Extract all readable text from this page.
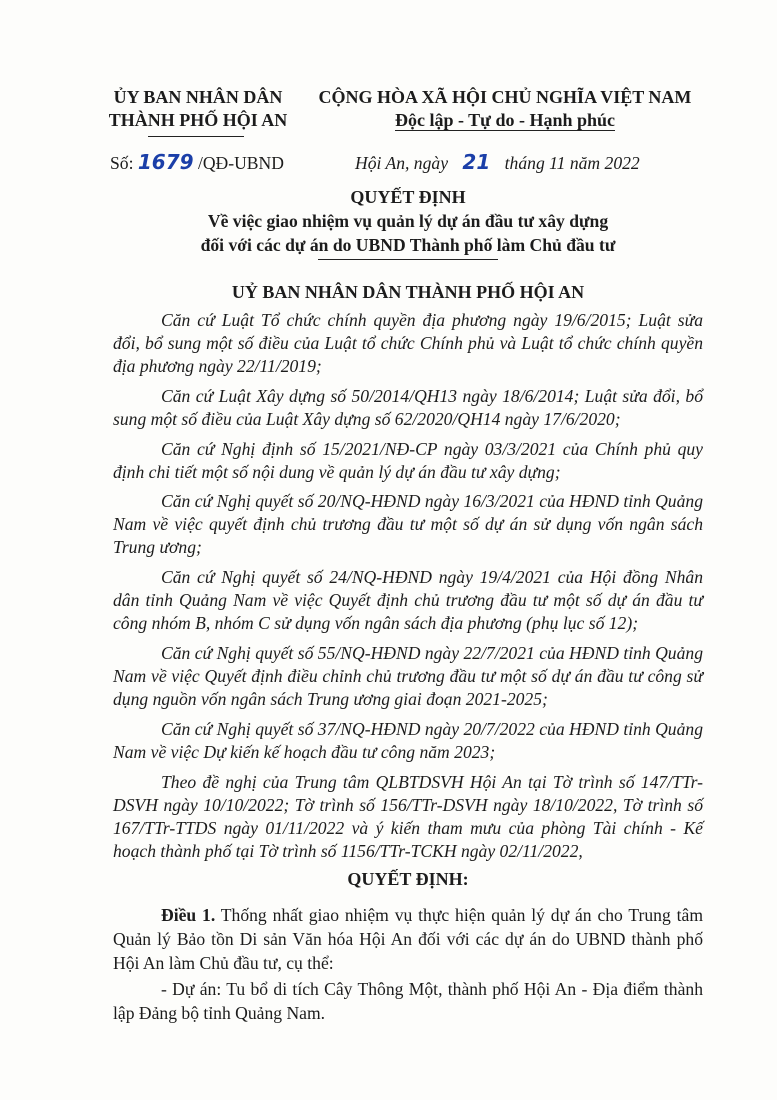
ỦY BAN NHÂN DÂN
THÀNH PHỐ HỘI AN
CỘNG HÒA XÃ HỘI CHỦ NGHĨA VIỆT NAM
Độc lập - Tự do - Hạnh phúc
Số: 1679 /QĐ-UBND	Hội An, ngày 21 tháng 11 năm 2022
QUYẾT ĐỊNH
Về việc giao nhiệm vụ quản lý dự án đầu tư xây dựng
đối với các dự án do UBND Thành phố làm Chủ đầu tư
UỶ BAN NHÂN DÂN THÀNH PHỐ HỘI AN
Căn cứ Luật Tổ chức chính quyền địa phương ngày 19/6/2015; Luật sửa đổi, bổ sung một số điều của Luật tổ chức Chính phủ và Luật tổ chức chính quyền địa phương ngày 22/11/2019;
Căn cứ Luật Xây dựng số 50/2014/QH13 ngày 18/6/2014; Luật sửa đổi, bổ sung một số điều của Luật Xây dựng số 62/2020/QH14 ngày 17/6/2020;
Căn cứ Nghị định số 15/2021/NĐ-CP ngày 03/3/2021 của Chính phủ quy định chi tiết một số nội dung về quản lý dự án đầu tư xây dựng;
Căn cứ Nghị quyết số 20/NQ-HĐND ngày 16/3/2021 của HĐND tỉnh Quảng Nam về việc quyết định chủ trương đầu tư một số dự án sử dụng vốn ngân sách Trung ương;
Căn cứ Nghị quyết số 24/NQ-HĐND ngày 19/4/2021 của Hội đồng Nhân dân tỉnh Quảng Nam về việc Quyết định chủ trương đầu tư một số dự án đầu tư công nhóm B, nhóm C sử dụng vốn ngân sách địa phương (phụ lục số 12);
Căn cứ Nghị quyết số 55/NQ-HĐND ngày 22/7/2021 của HĐND tỉnh Quảng Nam về việc Quyết định điều chỉnh chủ trương đầu tư một số dự án đầu tư công sử dụng nguồn vốn ngân sách Trung ương giai đoạn 2021-2025;
Căn cứ Nghị quyết số 37/NQ-HĐND ngày 20/7/2022 của HĐND tỉnh Quảng Nam về việc Dự kiến kế hoạch đầu tư công năm 2023;
Theo đề nghị của Trung tâm QLBTDSVH Hội An tại Tờ trình số 147/TTr-DSVH ngày 10/10/2022; Tờ trình số 156/TTr-DSVH ngày 18/10/2022, Tờ trình số 167/TTr-TTDS ngày 01/11/2022 và ý kiến tham mưu của phòng Tài chính - Kế hoạch thành phố tại Tờ trình số 1156/TTr-TCKH ngày 02/11/2022,
QUYẾT ĐỊNH:
Điều 1. Thống nhất giao nhiệm vụ thực hiện quản lý dự án cho Trung tâm Quản lý Bảo tồn Di sản Văn hóa Hội An đối với các dự án do UBND thành phố Hội An làm Chủ đầu tư, cụ thể:
- Dự án: Tu bổ di tích Cây Thông Một, thành phố Hội An - Địa điểm thành lập Đảng bộ tỉnh Quảng Nam.
